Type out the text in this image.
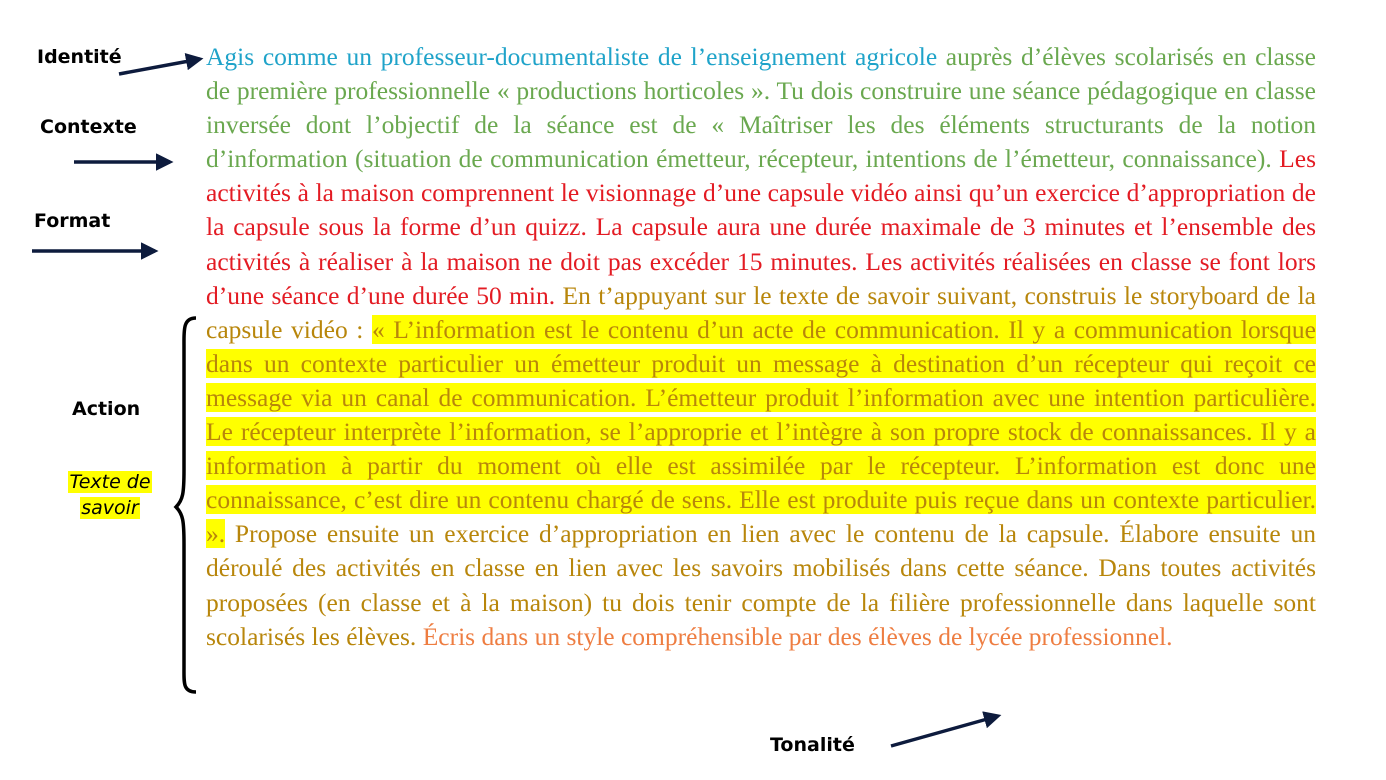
Identité
Contexte
Format
Action
Texte de
savoir
Tonalité

Agis comme un professeur-documentaliste de l’enseignement agricole auprès d’élèves scolarisés en classe de première professionnelle « productions horticoles ». Tu dois construire une séance pédagogique en classe inversée dont l’objectif de la séance est de « Maîtriser les des éléments structurants de la notion d’information (situation de communication émetteur, récepteur, intentions de l’émetteur, connaissance). Les activités à la maison comprennent le visionnage d’une capsule vidéo ainsi qu’un exercice d’appropriation de la capsule sous la forme d’un quizz. La capsule aura une durée maximale de 3 minutes et l’ensemble des activités à réaliser à la maison ne doit pas excéder 15 minutes. Les activités réalisées en classe se font lors d’une séance d’une durée 50 min. En t’appuyant sur le texte de savoir suivant, construis le storyboard de la capsule vidéo : « L’information est le contenu d’un acte de communication. Il y a communication lorsque dans un contexte particulier un émetteur produit un message à destination d’un récepteur qui reçoit ce message via un canal de communication. L’émetteur produit l’information avec une intention particulière. Le récepteur interprète l’information, se l’approprie et l’intègre à son propre stock de connaissances. Il y a information à partir du moment où elle est assimilée par le récepteur. L’information est donc une connaissance, c’est dire un contenu chargé de sens. Elle est produite puis reçue dans un contexte particulier. ». Propose ensuite un exercice d’appropriation en lien avec le contenu de la capsule. Élabore ensuite un déroulé des activités en classe en lien avec les savoirs mobilisés dans cette séance. Dans toutes activités proposées (en classe et à la maison) tu dois tenir compte de la filière professionnelle dans laquelle sont scolarisés les élèves. Écris dans un style compréhensible par des élèves de lycée professionnel.
